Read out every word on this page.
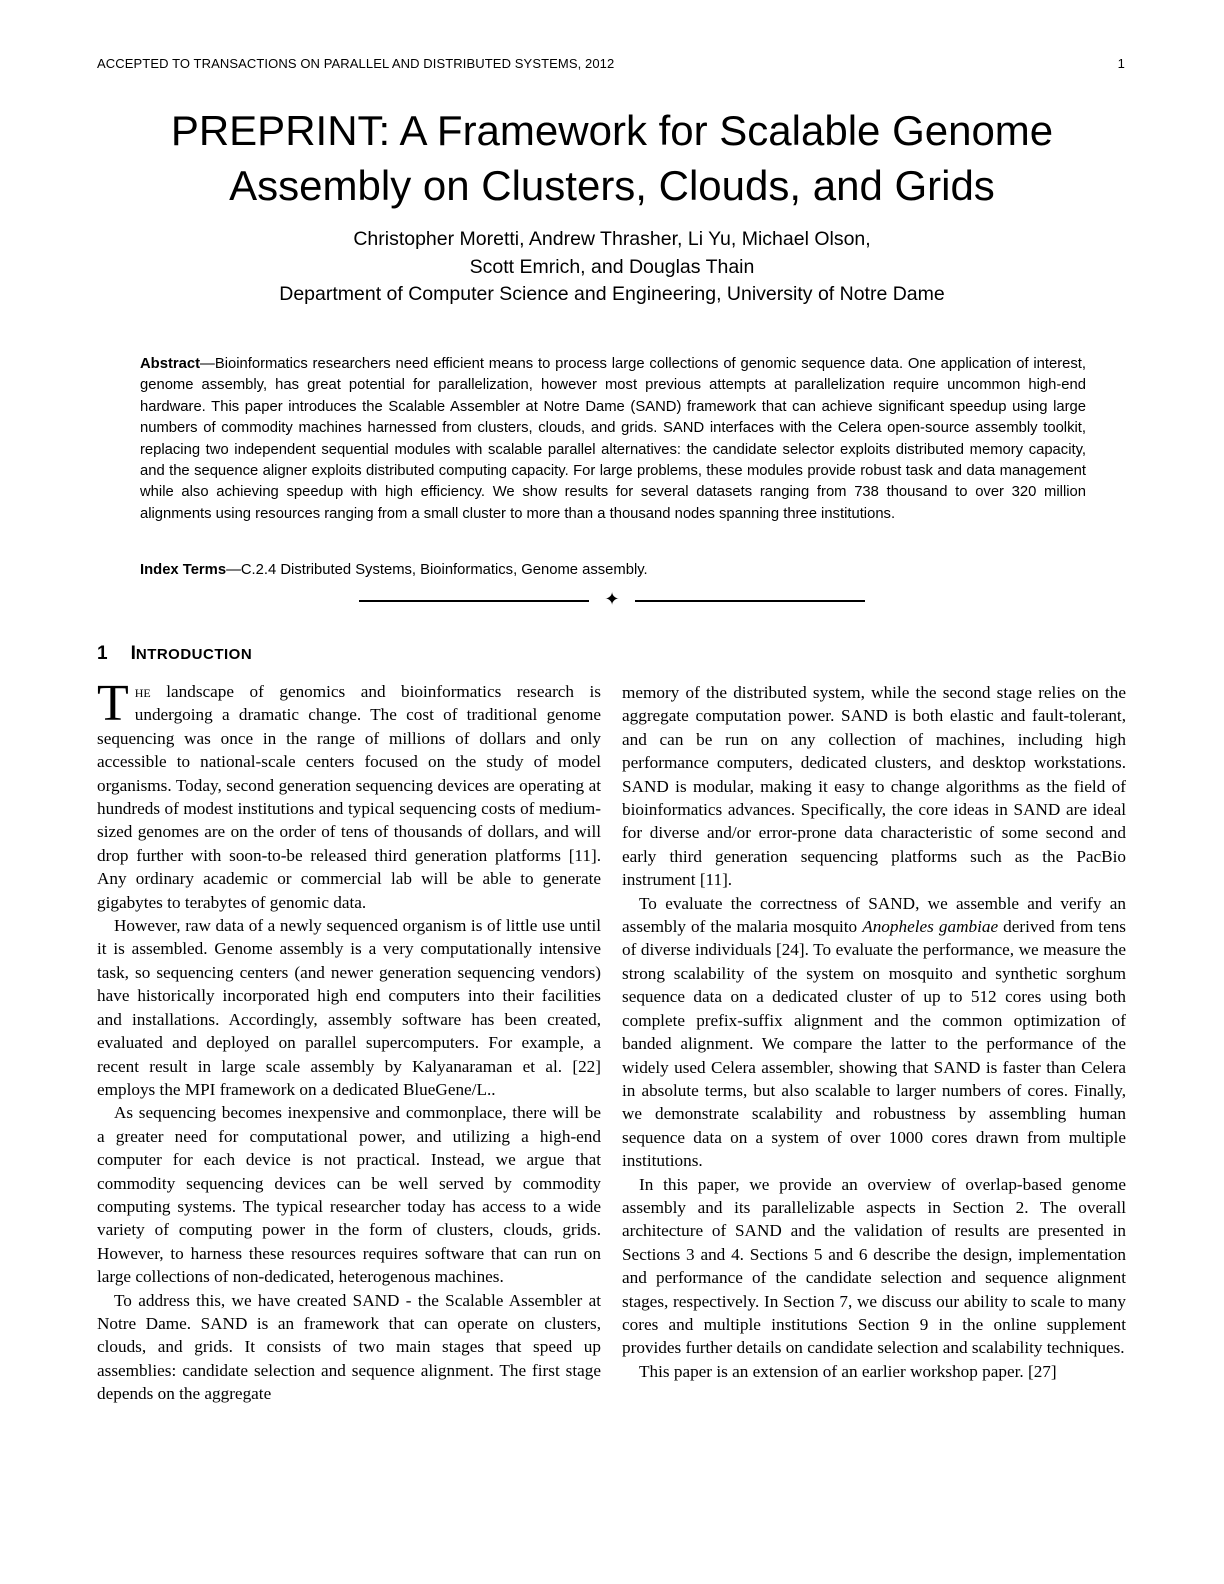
ACCEPTED TO TRANSACTIONS ON PARALLEL AND DISTRIBUTED SYSTEMS, 2012	1
PREPRINT: A Framework for Scalable Genome Assembly on Clusters, Clouds, and Grids
Christopher Moretti, Andrew Thrasher, Li Yu, Michael Olson,
Scott Emrich, and Douglas Thain
Department of Computer Science and Engineering, University of Notre Dame
Abstract—Bioinformatics researchers need efficient means to process large collections of genomic sequence data. One application of interest, genome assembly, has great potential for parallelization, however most previous attempts at parallelization require uncommon high-end hardware. This paper introduces the Scalable Assembler at Notre Dame (SAND) framework that can achieve significant speedup using large numbers of commodity machines harnessed from clusters, clouds, and grids. SAND interfaces with the Celera open-source assembly toolkit, replacing two independent sequential modules with scalable parallel alternatives: the candidate selector exploits distributed memory capacity, and the sequence aligner exploits distributed computing capacity. For large problems, these modules provide robust task and data management while also achieving speedup with high efficiency. We show results for several datasets ranging from 738 thousand to over 320 million alignments using resources ranging from a small cluster to more than a thousand nodes spanning three institutions.
Index Terms—C.2.4 Distributed Systems, Bioinformatics, Genome assembly.
✦
1 INTRODUCTION

The landscape of genomics and bioinformatics research is undergoing a dramatic change. The cost of traditional genome sequencing was once in the range of millions of dollars and only accessible to national-scale centers focused on the study of model organisms. Today, second generation sequencing devices are operating at hundreds of modest institutions and typical sequencing costs of medium-sized genomes are on the order of tens of thousands of dollars, and will drop further with soon-to-be released third generation platforms [11]. Any ordinary academic or commercial lab will be able to generate gigabytes to terabytes of genomic data.

However, raw data of a newly sequenced organism is of little use until it is assembled. Genome assembly is a very computationally intensive task, so sequencing centers (and newer generation sequencing vendors) have historically incorporated high end computers into their facilities and installations. Accordingly, assembly software has been created, evaluated and deployed on parallel supercomputers. For example, a recent result in large scale assembly by Kalyanaraman et al. [22] employs the MPI framework on a dedicated BlueGene/L..

As sequencing becomes inexpensive and commonplace, there will be a greater need for computational power, and utilizing a high-end computer for each device is not practical. Instead, we argue that commodity sequencing devices can be well served by commodity computing systems. The typical researcher today has access to a wide variety of computing power in the form of clusters, clouds, grids. However, to harness these resources requires software that can run on large collections of non-dedicated, heterogenous machines.

To address this, we have created SAND - the Scalable Assembler at Notre Dame. SAND is an framework that can operate on clusters, clouds, and grids. It consists of two main stages that speed up assemblies: candidate selection and sequence alignment. The first stage depends on the aggregate

memory of the distributed system, while the second stage relies on the aggregate computation power. SAND is both elastic and fault-tolerant, and can be run on any collection of machines, including high performance computers, dedicated clusters, and desktop workstations. SAND is modular, making it easy to change algorithms as the field of bioinformatics advances. Specifically, the core ideas in SAND are ideal for diverse and/or error-prone data characteristic of some second and early third generation sequencing platforms such as the PacBio instrument [11].

To evaluate the correctness of SAND, we assemble and verify an assembly of the malaria mosquito Anopheles gambiae derived from tens of diverse individuals [24]. To evaluate the performance, we measure the strong scalability of the system on mosquito and synthetic sorghum sequence data on a dedicated cluster of up to 512 cores using both complete prefix-suffix alignment and the common optimization of banded alignment. We compare the latter to the performance of the widely used Celera assembler, showing that SAND is faster than Celera in absolute terms, but also scalable to larger numbers of cores. Finally, we demonstrate scalability and robustness by assembling human sequence data on a system of over 1000 cores drawn from multiple institutions.

In this paper, we provide an overview of overlap-based genome assembly and its parallelizable aspects in Section 2. The overall architecture of SAND and the validation of results are presented in Sections 3 and 4. Sections 5 and 6 describe the design, implementation and performance of the candidate selection and sequence alignment stages, respectively. In Section 7, we discuss our ability to scale to many cores and multiple institutions Section 9 in the online supplement provides further details on candidate selection and scalability techniques.

This paper is an extension of an earlier workshop paper. [27]
